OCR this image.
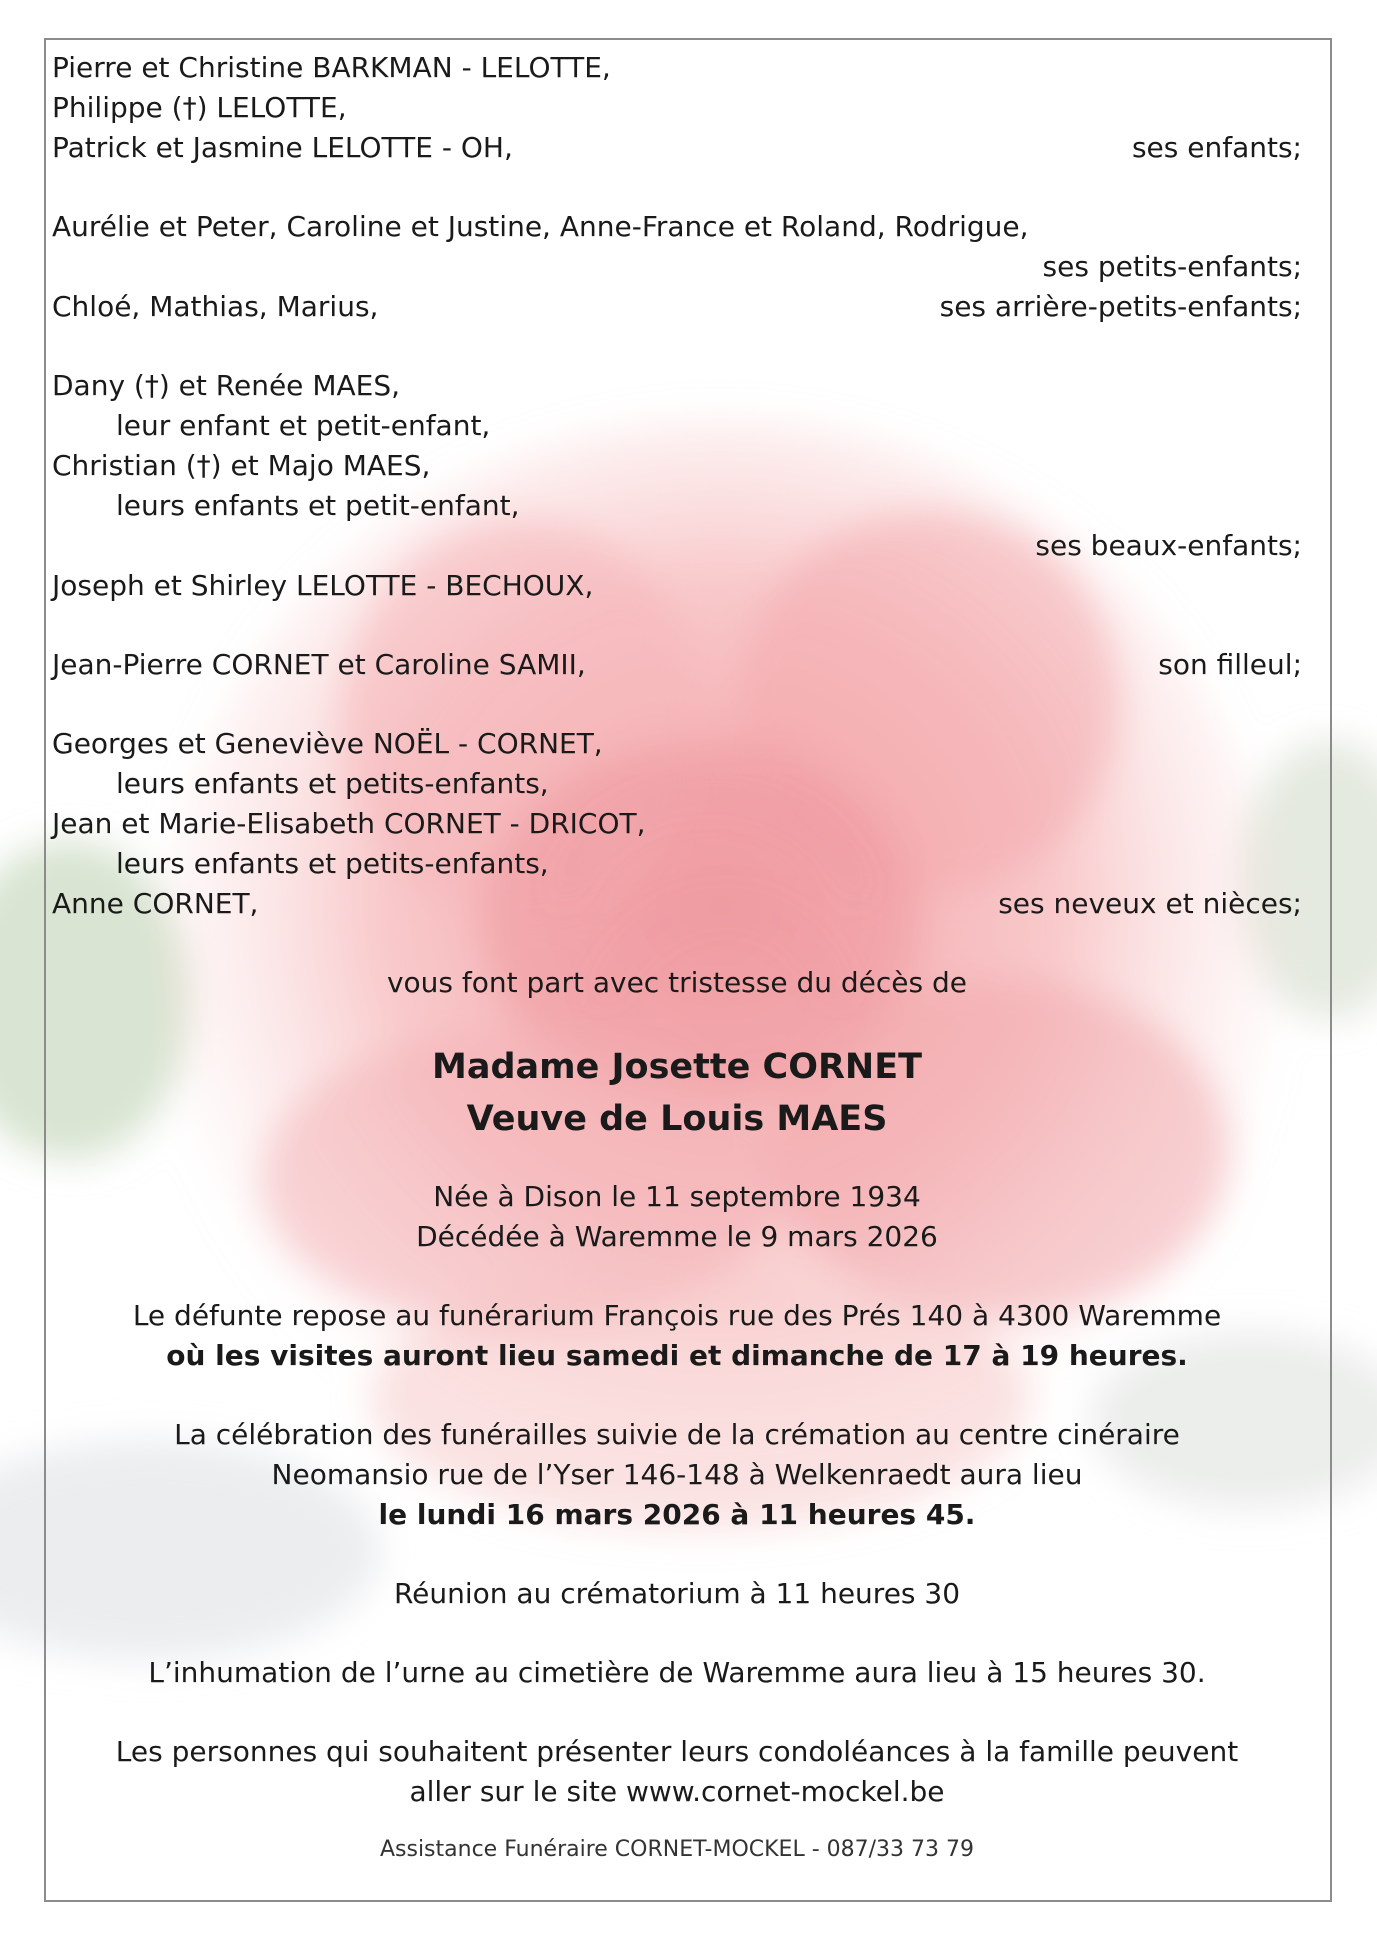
Pierre et Christine BARKMAN - LELOTTE,
Philippe (†) LELOTTE,
Patrick et Jasmine LELOTTE - OH,	ses enfants;
Aurélie et Peter, Caroline et Justine, Anne-France et Roland, Rodrigue,
ses petits-enfants;
Chloé, Mathias, Marius,	ses arrière-petits-enfants;
Dany (†) et Renée MAES,
leur enfant et petit-enfant,
Christian (†) et Majo MAES,
leurs enfants et petit-enfant,
ses beaux-enfants;
Joseph et Shirley LELOTTE - BECHOUX,
Jean-Pierre CORNET et Caroline SAMII,	son filleul;
Georges et Geneviève NOËL - CORNET,
leurs enfants et petits-enfants,
Jean et Marie-Elisabeth CORNET - DRICOT,
leurs enfants et petits-enfants,
Anne CORNET,	ses neveux et nièces;
vous font part avec tristesse du décès de
Madame Josette CORNET
Veuve de Louis MAES
Née à Dison le 11 septembre 1934
Décédée à Waremme le 9 mars 2026
Le défunte repose au funérarium François rue des Prés 140 à 4300 Waremme
où les visites auront lieu samedi et dimanche de 17 à 19 heures.
La célébration des funérailles suivie de la crémation au centre cinéraire
Neomansio rue de l’Yser 146-148 à Welkenraedt aura lieu
le lundi 16 mars 2026 à 11 heures 45.
Réunion au crématorium à 11 heures 30
L’inhumation de l’urne au cimetière de Waremme aura lieu à 15 heures 30.
Les personnes qui souhaitent présenter leurs condoléances à la famille peuvent
aller sur le site www.cornet-mockel.be
Assistance Funéraire CORNET-MOCKEL - 087/33 73 79
